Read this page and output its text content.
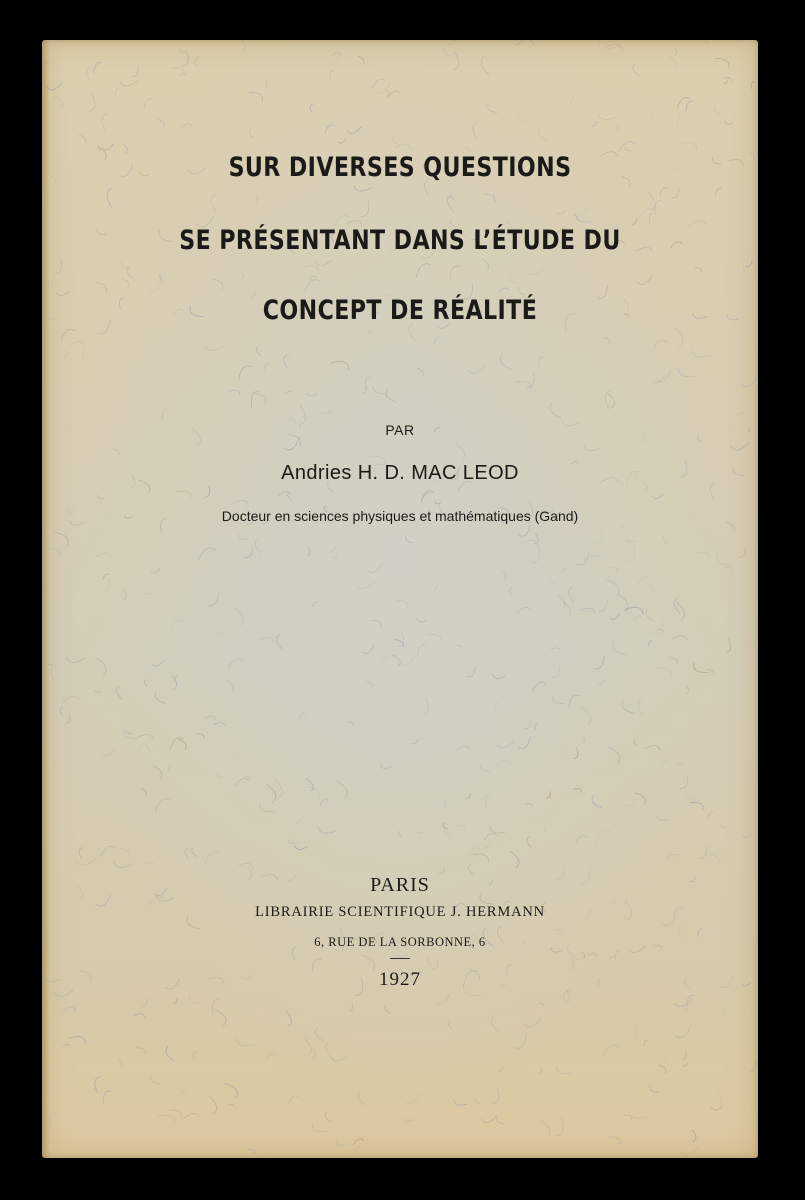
SUR DIVERSES QUESTIONS
SE PRÉSENTANT DANS L’ÉTUDE DU
CONCEPT DE RÉALITÉ
PAR
Andries H. D. MAC LEOD
Docteur en sciences physiques et mathématiques (Gand)
PARIS
LIBRAIRIE SCIENTIFIQUE J. HERMANN
6, RUE DE LA SORBONNE, 6
1927
